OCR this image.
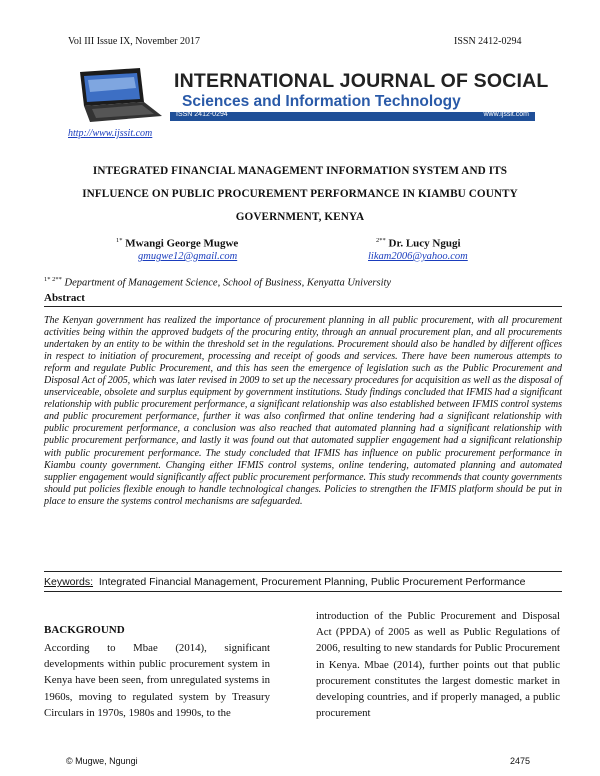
Vol III Issue IX, November 2017	ISSN 2412-0294
INTERNATIONAL JOURNAL OF SOCIAL
Sciences and Information Technology
ISSN 2412-0294	www.ijssit.com
http://www.ijssit.com
INTEGRATED FINANCIAL MANAGEMENT INFORMATION SYSTEM AND ITS
INFLUENCE ON PUBLIC PROCUREMENT PERFORMANCE IN KIAMBU COUNTY
GOVERNMENT, KENYA
$^{1*}$ Mwangi George Mugwe
gmugwe12@gmail.com
$^{2**}$ Dr. Lucy Ngugi
likam2006@yahoo.com
$^{1* 2**}$ Department of Management Science, School of Business, Kenyatta University
Abstract

The Kenyan government has realized the importance of procurement planning in all public procurement, with all procurement activities being within the approved budgets of the procuring entity, through an annual procurement plan, and all procurements undertaken by an entity to be within the threshold set in the regulations. Procurement should also be handled by different offices in respect to initiation of procurement, processing and receipt of goods and services. There have been numerous attempts to reform and regulate Public Procurement, and this has seen the emergence of legislation such as the Public Procurement and Disposal Act of 2005, which was later revised in 2009 to set up the necessary procedures for acquisition as well as the disposal of unserviceable, obsolete and surplus equipment by government institutions. Study findings concluded that IFMIS had a significant relationship with public procurement performance, a significant relationship was also established between IFMIS control systems and public procurement performance, further it was also confirmed that online tendering had a significant relationship with public procurement performance, a conclusion was also reached that automated planning had a significant relationship with public procurement performance, and lastly it was found out that automated supplier engagement had a significant relationship with public procurement performance. The study concluded that IFMIS has influence on public procurement performance in Kiambu county government. Changing either IFMIS control systems, online tendering, automated planning and automated supplier engagement would significantly affect public procurement performance. This study recommends that county governments should put policies flexible enough to handle technological changes. Policies to strengthen the IFMIS platform should be put in place to ensure the systems control mechanisms are safeguarded.

Keywords: Integrated Financial Management, Procurement Planning, Public Procurement Performance
BACKGROUND
According to Mbae (2014), significant developments within public procurement system in Kenya have been seen, from unregulated systems in 1960s, moving to regulated system by Treasury Circulars in 1970s, 1980s and 1990s, to the
introduction of the Public Procurement and Disposal Act (PPDA) of 2005 as well as Public Regulations of 2006, resulting to new standards for Public Procurement in Kenya. Mbae (2014), further points out that public procurement constitutes the largest domestic market in developing countries, and if properly managed, a public procurement
© Mugwe, Ngungi	2475
